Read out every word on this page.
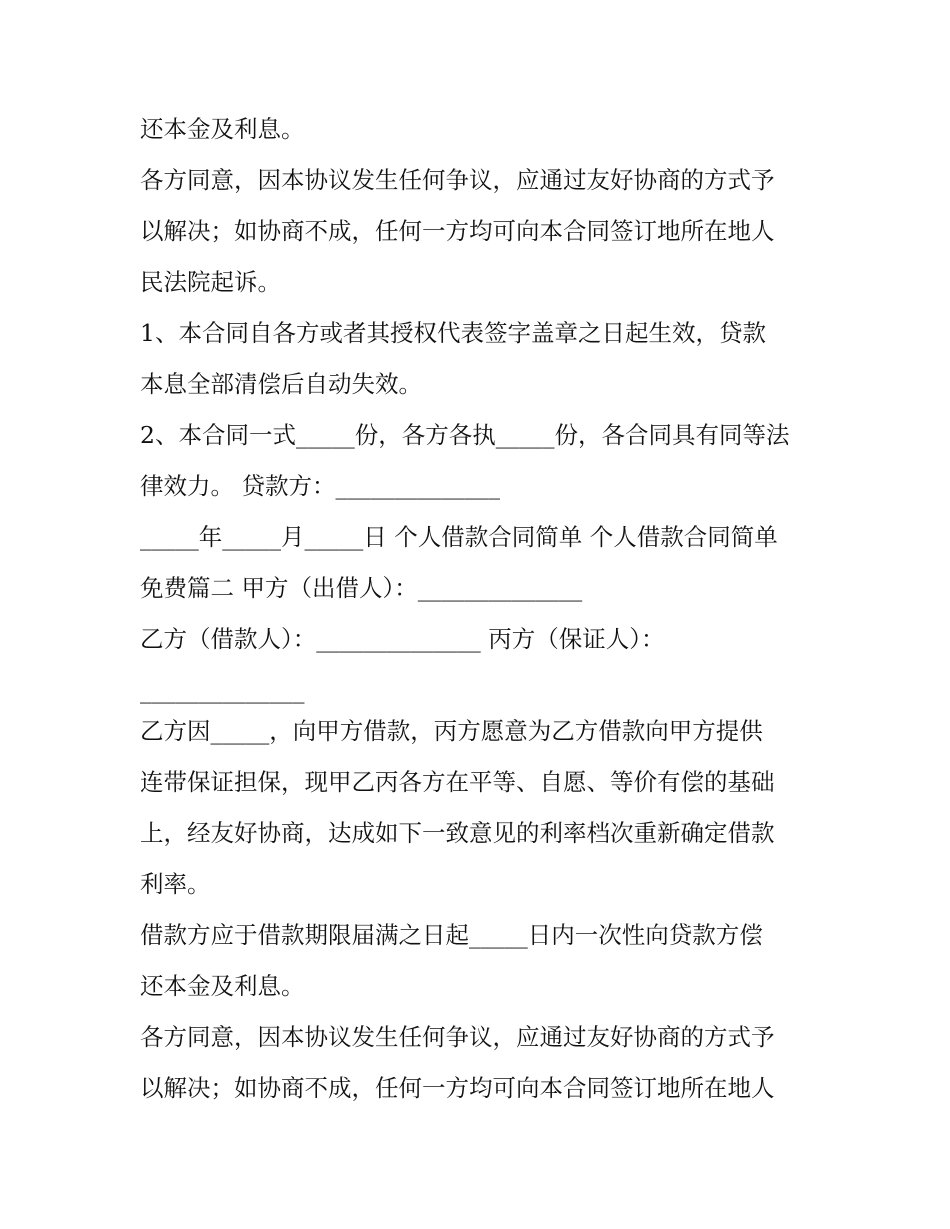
还本金及利息。
各方同意，因本协议发生任何争议，应通过友好协商的方式予
以解决；如协商不成，任何一方均可向本合同签订地所在地人
民法院起诉。
1、本合同自各方或者其授权代表签字盖章之日起生效，贷款
本息全部清偿后自动失效。
2、本合同一式_____份，各方各执_____份，各合同具有同等法
律效力。 贷款方：______________
_____年_____月_____日 个人借款合同简单 个人借款合同简单
免费篇二 甲方（出借人）：______________
乙方（借款人）：______________ 丙方（保证人）：
______________
乙方因_____，向甲方借款，丙方愿意为乙方借款向甲方提供
连带保证担保，现甲乙丙各方在平等、自愿、等价有偿的基础
上，经友好协商，达成如下一致意见的利率档次重新确定借款
利率。
借款方应于借款期限届满之日起_____日内一次性向贷款方偿
还本金及利息。
各方同意，因本协议发生任何争议，应通过友好协商的方式予
以解决；如协商不成，任何一方均可向本合同签订地所在地人
